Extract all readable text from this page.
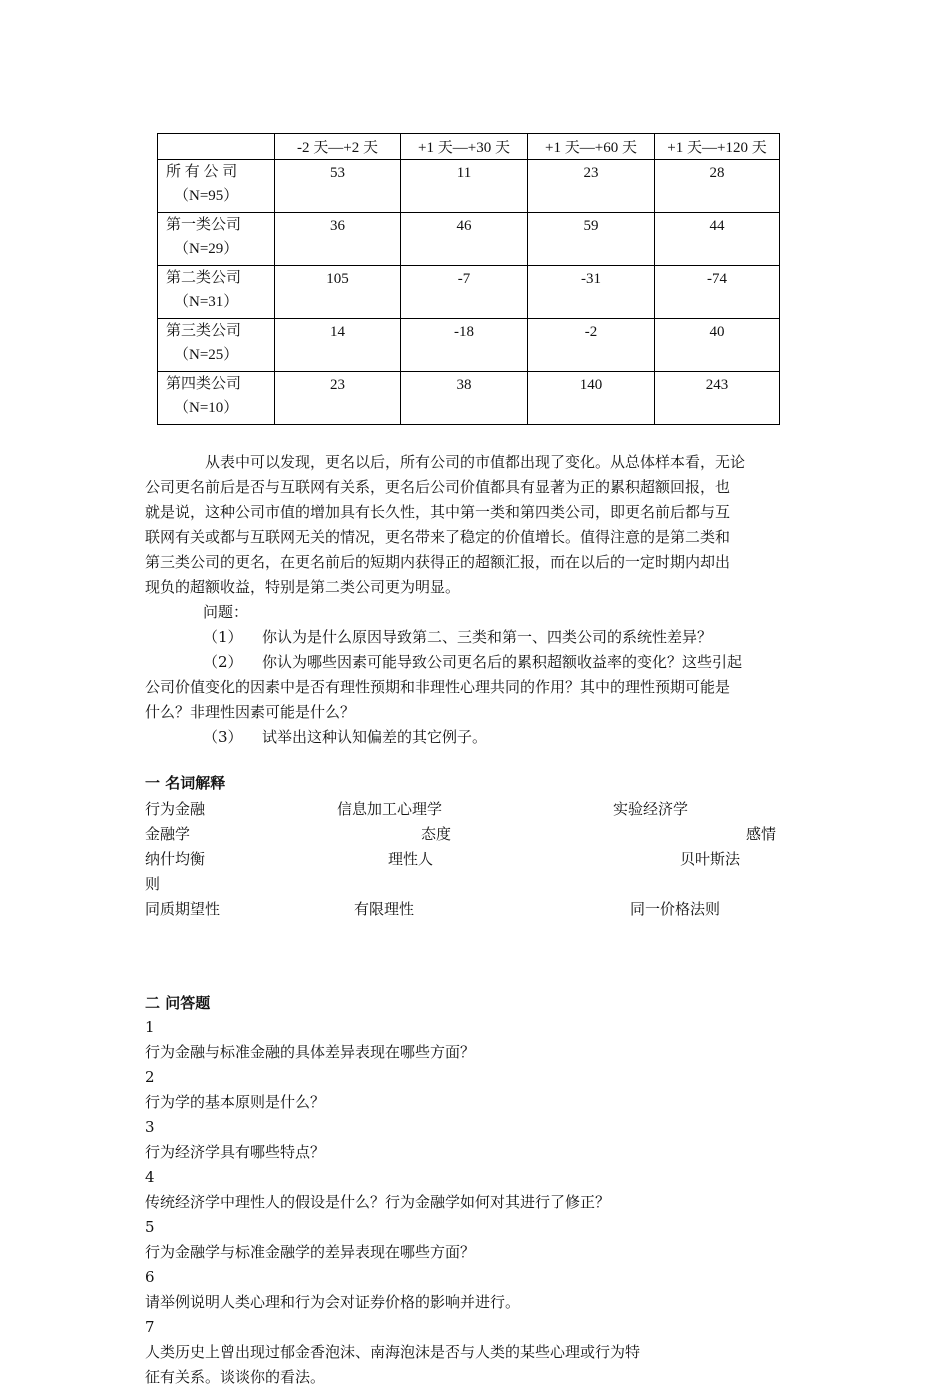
	-2 天—+2 天	+1 天—+30 天	+1 天—+60 天	+1 天—+120 天
所 有 公 司
（N=95）	53	11	23	28
第一类公司
（N=29）	36	46	59	44
第二类公司
（N=31）	105	-7	-31	-74
第三类公司
（N=25）	14	-18	-2	40
第四类公司
（N=10）	23	38	140	243
从表中可以发现，更名以后，所有公司的市值都出现了变化。从总体样本看，无论
公司更名前后是否与互联网有关系，更名后公司价值都具有显著为正的累积超额回报，也
就是说，这种公司市值的增加具有长久性，其中第一类和第四类公司，即更名前后都与互
联网有关或都与互联网无关的情况，更名带来了稳定的价值增长。值得注意的是第二类和
第三类公司的更名，在更名前后的短期内获得正的超额汇报，而在以后的一定时期内却出
现负的超额收益，特别是第二类公司更为明显。
问题：
（1） 你认为是什么原因导致第二、三类和第一、四类公司的系统性差异？
（2） 你认为哪些因素可能导致公司更名后的累积超额收益率的变化？这些引起
公司价值变化的因素中是否有理性预期和非理性心理共同的作用？其中的理性预期可能是
什么？非理性因素可能是什么？
（3） 试举出这种认知偏差的其它例子。
一 名词解释
行为金融	信息加工心理学	实验经济学
金融学	态度	感情
纳什均衡	理性人	贝叶斯法
则
同质期望性	有限理性	同一价格法则
二 问答题
1
行为金融与标准金融的具体差异表现在哪些方面？
2
行为学的基本原则是什么？
3
行为经济学具有哪些特点？
4
传统经济学中理性人的假设是什么？行为金融学如何对其进行了修正？
5
行为金融学与标准金融学的差异表现在哪些方面？
6
请举例说明人类心理和行为会对证券价格的影响并进行。
7
人类历史上曾出现过郁金香泡沫、南海泡沫是否与人类的某些心理或行为特
征有关系。谈谈你的看法。
